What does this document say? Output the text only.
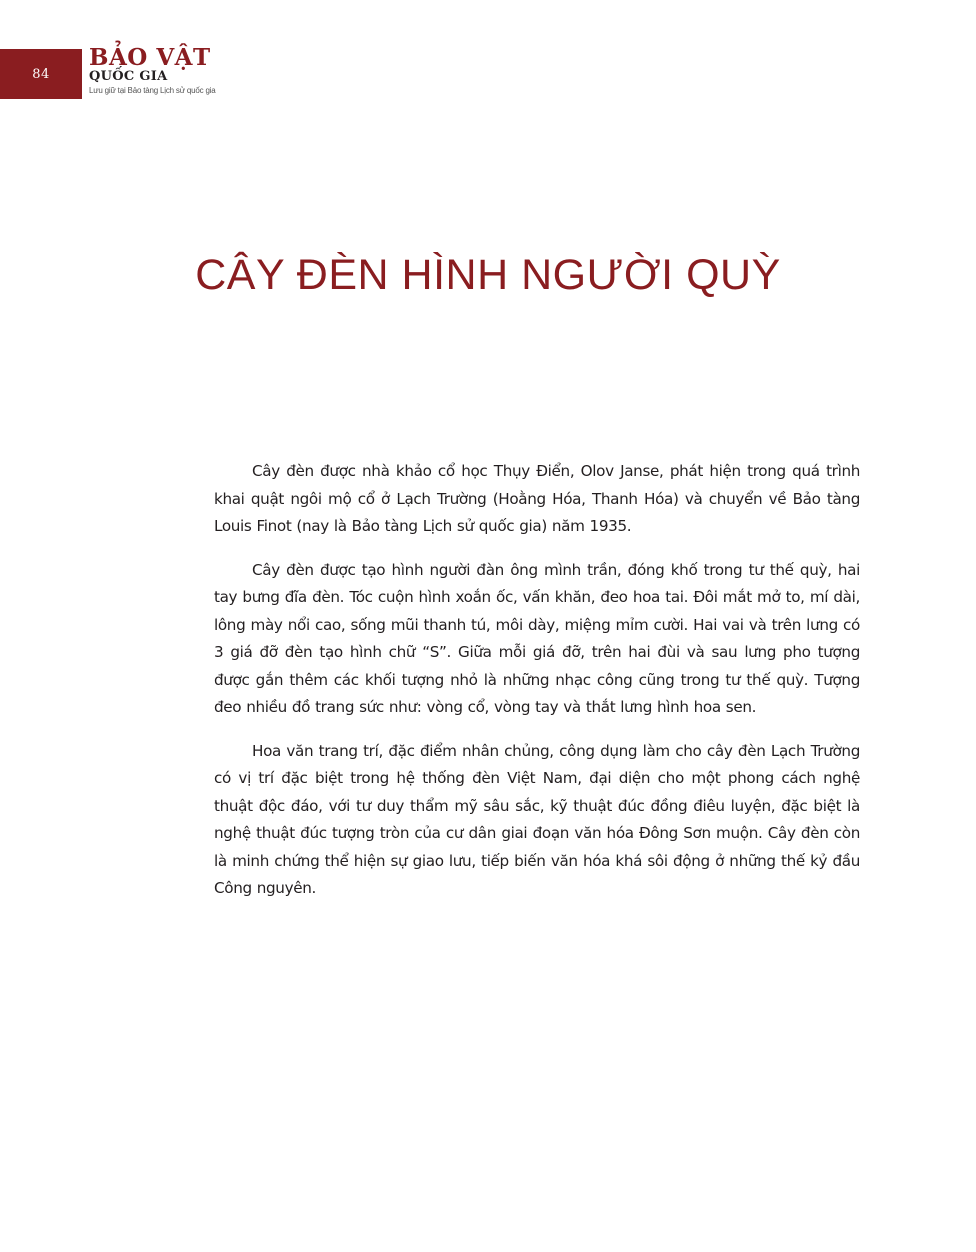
84
BẢO VẬT
QUỐC GIA
Lưu giữ tại Bảo tàng Lịch sử quốc gia
CÂY ĐÈN HÌNH NGƯỜI QUỲ

Cây đèn được nhà khảo cổ học Thụy Điển, Olov Janse, phát hiện trong quá trình khai quật ngôi mộ cổ ở Lạch Trường (Hoằng Hóa, Thanh Hóa) và chuyển về Bảo tàng Louis Finot (nay là Bảo tàng Lịch sử quốc gia) năm 1935.

Cây đèn được tạo hình người đàn ông mình trần, đóng khố trong tư thế quỳ, hai tay bưng đĩa đèn. Tóc cuộn hình xoắn ốc, vấn khăn, đeo hoa tai. Đôi mắt mở to, mí dài, lông mày nổi cao, sống mũi thanh tú, môi dày, miệng mỉm cười. Hai vai và trên lưng có 3 giá đỡ đèn tạo hình chữ “S”. Giữa mỗi giá đỡ, trên hai đùi và sau lưng pho tượng được gắn thêm các khối tượng nhỏ là những nhạc công cũng trong tư thế quỳ. Tượng đeo nhiều đồ trang sức như: vòng cổ, vòng tay và thắt lưng hình hoa sen.

Hoa văn trang trí, đặc điểm nhân chủng, công dụng làm cho cây đèn Lạch Trường có vị trí đặc biệt trong hệ thống đèn Việt Nam, đại diện cho một phong cách nghệ thuật độc đáo, với tư duy thẩm mỹ sâu sắc, kỹ thuật đúc đồng điêu luyện, đặc biệt là nghệ thuật đúc tượng tròn của cư dân giai đoạn văn hóa Đông Sơn muộn. Cây đèn còn là minh chứng thể hiện sự giao lưu, tiếp biến văn hóa khá sôi động ở những thế kỷ đầu Công nguyên.
